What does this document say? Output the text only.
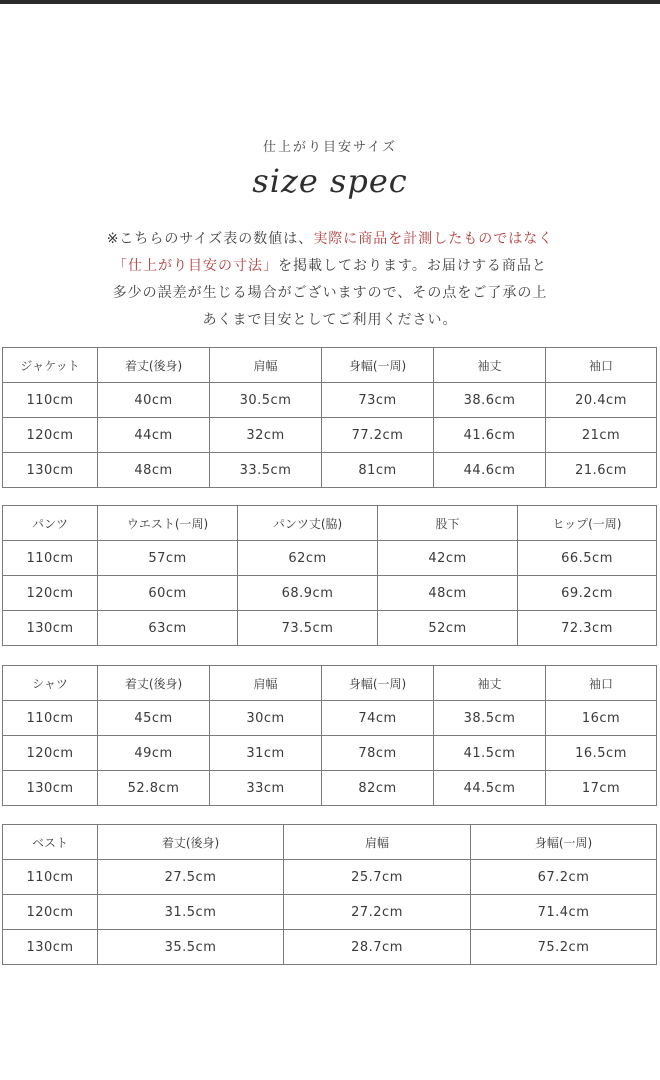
仕上がり目安サイズ
size spec
※こちらのサイズ表の数値は、実際に商品を計測したものではなく
「仕上がり目安の寸法」を掲載しております。お届けする商品と
多少の誤差が生じる場合がございますので、その点をご了承の上
あくまで目安としてご利用ください。
ジャケット	着丈(後身)	肩幅	身幅(一周)	袖丈	袖口
110cm	40cm	30.5cm	73cm	38.6cm	20.4cm
120cm	44cm	32cm	77.2cm	41.6cm	21cm
130cm	48cm	33.5cm	81cm	44.6cm	21.6cm
パンツ	ウエスト(一周)	パンツ丈(脇)	股下	ヒップ(一周)
110cm	57cm	62cm	42cm	66.5cm
120cm	60cm	68.9cm	48cm	69.2cm
130cm	63cm	73.5cm	52cm	72.3cm
シャツ	着丈(後身)	肩幅	身幅(一周)	袖丈	袖口
110cm	45cm	30cm	74cm	38.5cm	16cm
120cm	49cm	31cm	78cm	41.5cm	16.5cm
130cm	52.8cm	33cm	82cm	44.5cm	17cm
ベスト	着丈(後身)	肩幅	身幅(一周)
110cm	27.5cm	25.7cm	67.2cm
120cm	31.5cm	27.2cm	71.4cm
130cm	35.5cm	28.7cm	75.2cm
